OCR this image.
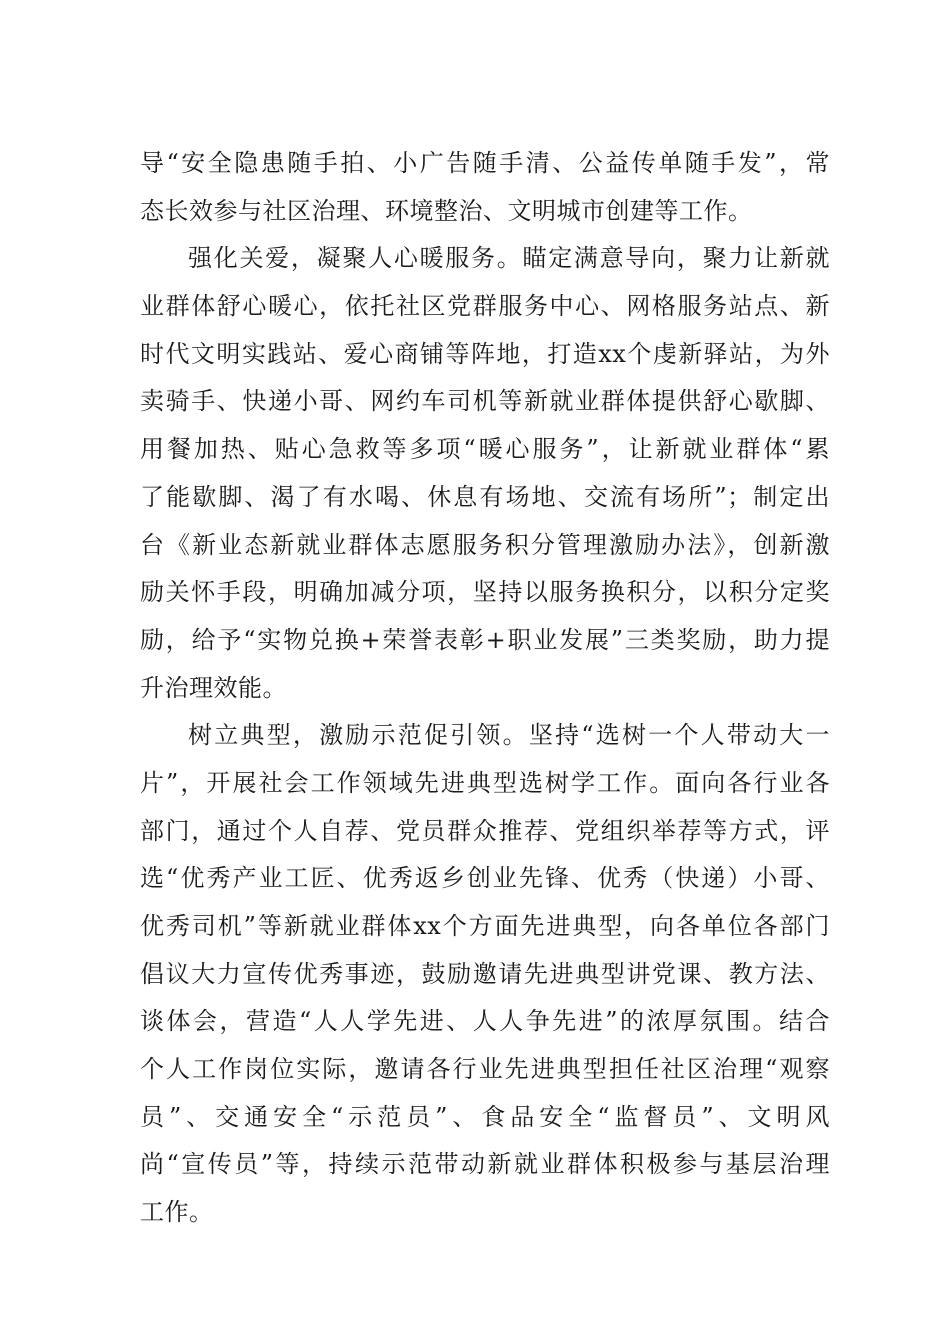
导“安全隐患随手拍、小广告随手清、公益传单随手发”，常
态长效参与社区治理、环境整治、文明城市创建等工作。
强化关爱，凝聚人心暖服务。瞄定满意导向，聚力让新就
业群体舒心暖心，依托社区党群服务中心、网格服务站点、新
时代文明实践站、爱心商铺等阵地，打造xx个虔新驿站，为外
卖骑手、快递小哥、网约车司机等新就业群体提供舒心歇脚、
用餐加热、贴心急救等多项“暖心服务”，让新就业群体“累
了能歇脚、渴了有水喝、休息有场地、交流有场所”；制定出
台《新业态新就业群体志愿服务积分管理激励办法》，创新激
励关怀手段，明确加减分项，坚持以服务换积分，以积分定奖
励，给予“实物兑换+荣誉表彰+职业发展”三类奖励，助力提
升治理效能。
树立典型，激励示范促引领。坚持“选树一个人带动大一
片”，开展社会工作领域先进典型选树学工作。面向各行业各
部门，通过个人自荐、党员群众推荐、党组织举荐等方式，评
选“优秀产业工匠、优秀返乡创业先锋、优秀（快递）小哥、
优秀司机”等新就业群体xx个方面先进典型，向各单位各部门
倡议大力宣传优秀事迹，鼓励邀请先进典型讲党课、教方法、
谈体会，营造“人人学先进、人人争先进”的浓厚氛围。结合
个人工作岗位实际，邀请各行业先进典型担任社区治理“观察
员”、交通安全“示范员”、食品安全“监督员”、文明风
尚“宣传员”等，持续示范带动新就业群体积极参与基层治理
工作。
